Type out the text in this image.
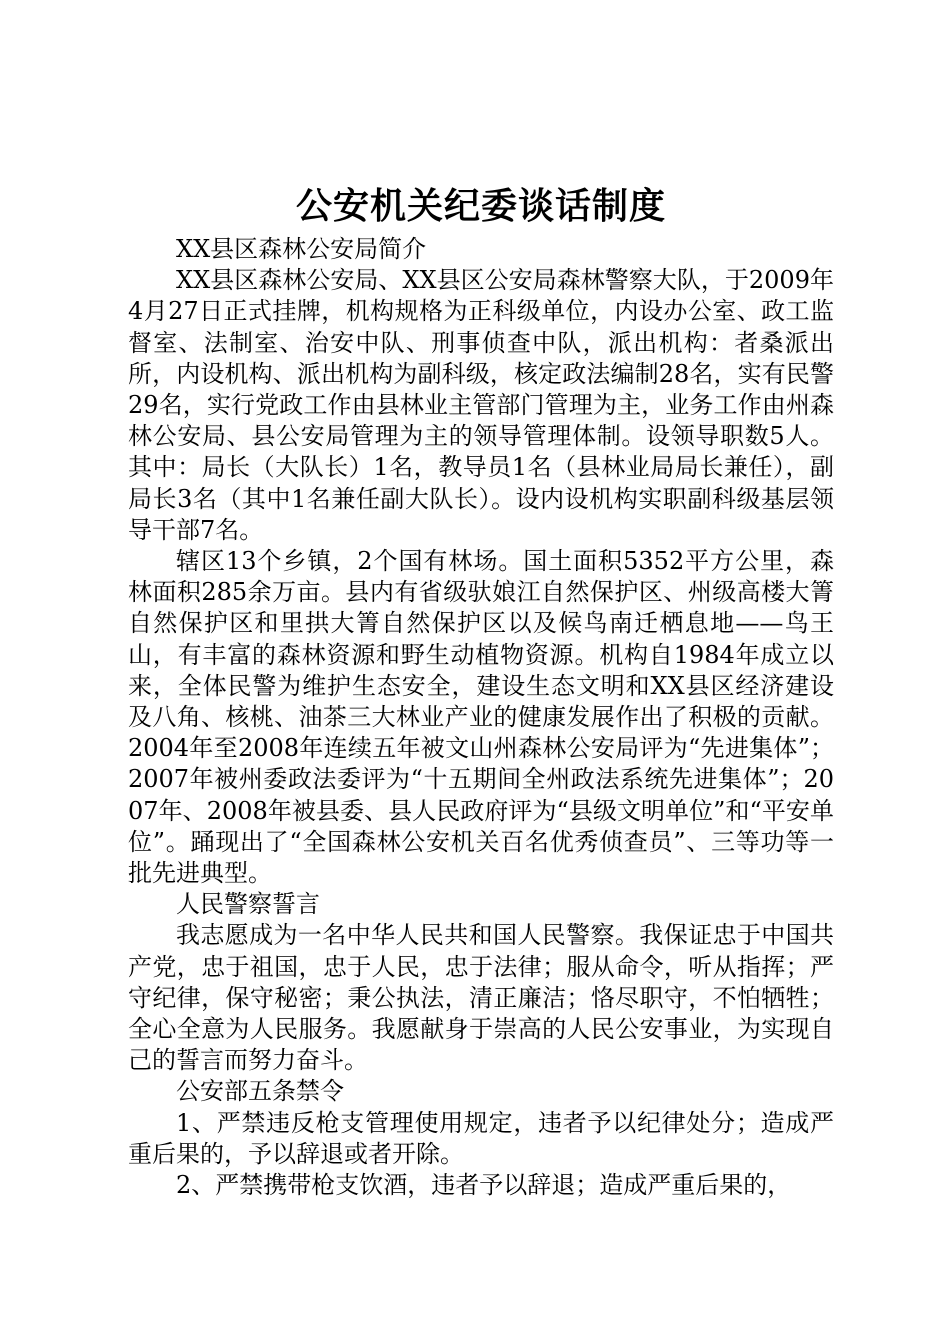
公安机关纪委谈话制度

XX县区森林公安局简介

XX县区森林公安局、XX县区公安局森林警察大队，于2009年4月27日正式挂牌，机构规格为正科级单位，内设办公室、政工监督室、法制室、治安中队、刑事侦查中队，派出机构：者桑派出所，内设机构、派出机构为副科级，核定政法编制28名，实有民警29名，实行党政工作由县林业主管部门管理为主，业务工作由州森林公安局、县公安局管理为主的领导管理体制。设领导职数5人。其中：局长（大队长）1名，教导员1名（县林业局局长兼任），副局长3名（其中1名兼任副大队长）。设内设机构实职副科级基层领导干部7名。

辖区13个乡镇，2个国有林场。国土面积5352平方公里，森林面积285余万亩。县内有省级驮娘江自然保护区、州级高楼大箐自然保护区和里拱大箐自然保护区以及候鸟南迁栖息地——鸟王山，有丰富的森林资源和野生动植物资源。机构自1984年成立以来，全体民警为维护生态安全，建设生态文明和XX县区经济建设及八角、核桃、油茶三大林业产业的健康发展作出了积极的贡献。2004年至2008年连续五年被文山州森林公安局评为“先进集体”；2007年被州委政法委评为“十五期间全州政法系统先进集体”；2007年、2008年被县委、县人民政府评为“县级文明单位”和“平安单位”。踊现出了“全国森林公安机关百名优秀侦查员”、三等功等一批先进典型。

人民警察誓言

我志愿成为一名中华人民共和国人民警察。我保证忠于中国共产党，忠于祖国，忠于人民，忠于法律；服从命令，听从指挥；严守纪律，保守秘密；秉公执法，清正廉洁；恪尽职守，不怕牺牲；全心全意为人民服务。我愿献身于崇高的人民公安事业，为实现自己的誓言而努力奋斗。

公安部五条禁令

1、严禁违反枪支管理使用规定，违者予以纪律处分；造成严重后果的，予以辞退或者开除。

2、严禁携带枪支饮酒，违者予以辞退；造成严重后果的，
